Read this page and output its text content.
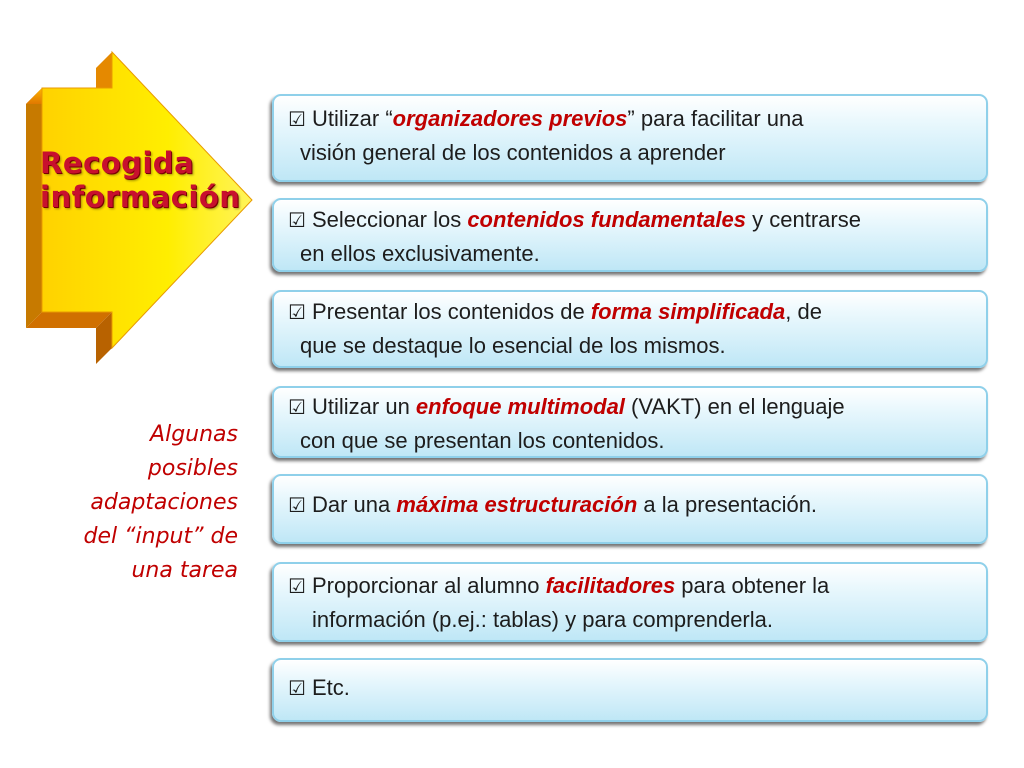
Recogida
información
Algunas
posibles
adaptaciones
del “input” de
una tarea
☑ Utilizar “organizadores previos” para facilitar una
visión general de los contenidos a aprender
☑ Seleccionar los contenidos fundamentales y centrarse
en ellos exclusivamente.
☑ Presentar los contenidos de forma simplificada, de
que se destaque lo esencial de los mismos.
☑ Utilizar un enfoque multimodal (VAKT) en el lenguaje
con que se presentan los contenidos.
☑ Dar una máxima estructuración a la presentación.
☑ Proporcionar al alumno facilitadores para obtener la
información (p.ej.: tablas) y para comprenderla.
☑ Etc.
